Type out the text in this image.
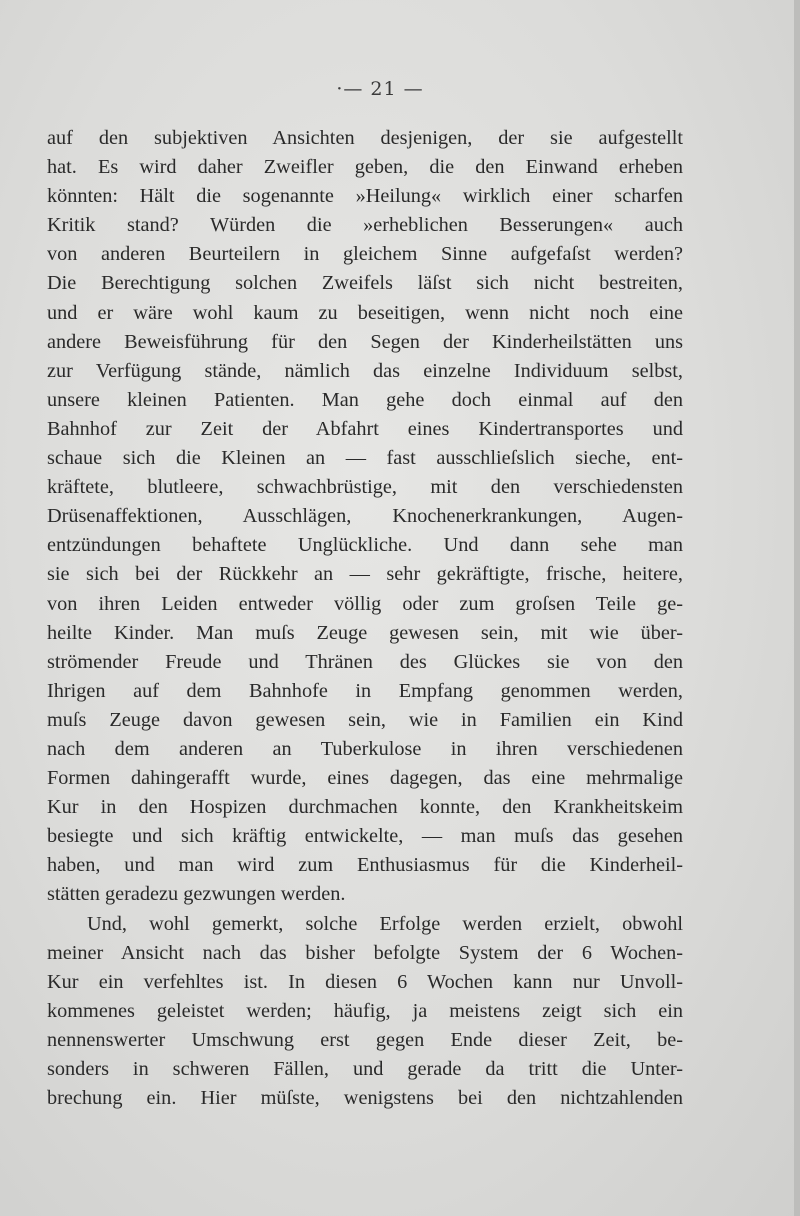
·— 21 —
auf den subjektiven Ansichten desjenigen, der sie aufgestellt
hat. Es wird daher Zweifler geben, die den Einwand erheben
könnten: Hält die sogenannte »Heilung« wirklich einer scharfen
Kritik stand? Würden die »erheblichen Besserungen« auch
von anderen Beurteilern in gleichem Sinne aufgefaſst werden?
Die Berechtigung solchen Zweifels läſst sich nicht bestreiten,
und er wäre wohl kaum zu beseitigen, wenn nicht noch eine
andere Beweisführung für den Segen der Kinderheilstätten uns
zur Verfügung stände, nämlich das einzelne Individuum selbst,
unsere kleinen Patienten. Man gehe doch einmal auf den
Bahnhof zur Zeit der Abfahrt eines Kindertransportes und
schaue sich die Kleinen an — fast ausschlieſslich sieche, ent-
kräftete, blutleere, schwachbrüstige, mit den verschiedensten
Drüsenaffektionen, Ausschlägen, Knochenerkrankungen, Augen-
entzündungen behaftete Unglückliche. Und dann sehe man
sie sich bei der Rückkehr an — sehr gekräftigte, frische, heitere,
von ihren Leiden entweder völlig oder zum groſsen Teile ge-
heilte Kinder. Man muſs Zeuge gewesen sein, mit wie über-
strömender Freude und Thränen des Glückes sie von den
Ihrigen auf dem Bahnhofe in Empfang genommen werden,
muſs Zeuge davon gewesen sein, wie in Familien ein Kind
nach dem anderen an Tuberkulose in ihren verschiedenen
Formen dahingerafft wurde, eines dagegen, das eine mehrmalige
Kur in den Hospizen durchmachen konnte, den Krankheitskeim
besiegte und sich kräftig entwickelte, — man muſs das gesehen
haben, und man wird zum Enthusiasmus für die Kinderheil-
stätten geradezu gezwungen werden.
Und, wohl gemerkt, solche Erfolge werden erzielt, obwohl
meiner Ansicht nach das bisher befolgte System der 6 Wochen-
Kur ein verfehltes ist. In diesen 6 Wochen kann nur Unvoll-
kommenes geleistet werden; häufig, ja meistens zeigt sich ein
nennenswerter Umschwung erst gegen Ende dieser Zeit, be-
sonders in schweren Fällen, und gerade da tritt die Unter-
brechung ein. Hier müſste, wenigstens bei den nichtzahlenden
